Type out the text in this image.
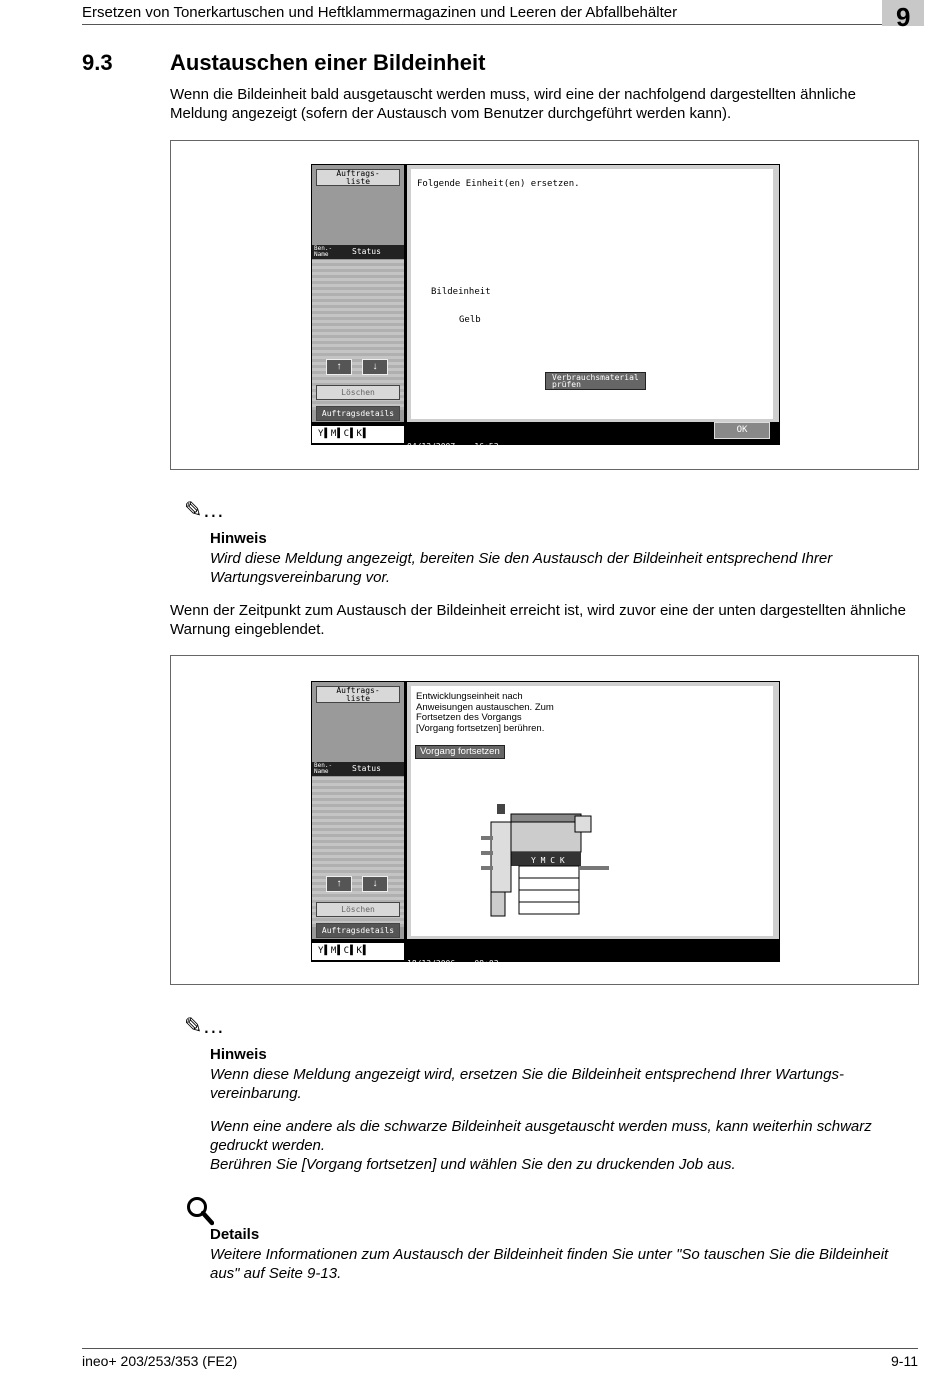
Ersetzen von Tonerkartuschen und Heftklammermagazinen und Leeren der Abfallbehälter	9
9.3	Austauschen einer Bildeinheit
Wenn die Bildeinheit bald ausgetauscht werden muss, wird eine der nachfolgend dargestellten ähnliche Meldung angezeigt (sofern der Austausch vom Benutzer durchgeführt werden kann).
Auftrags-
liste
Ben.-
Name	Status
↑	↓
Löschen
Auftragsdetails
Y▌M▌C▌K▌
Folgende Einheit(en) ersetzen.
Bildeinheit
Gelb
Verbrauchsmaterial
prüfen

04/13/2007    16:53

Speicher         0%

OK
✎…
Hinweis
Wird diese Meldung angezeigt, bereiten Sie den Austausch der Bildeinheit entsprechend Ihrer Wartungsvereinbarung vor.
Wenn der Zeitpunkt zum Austausch der Bildeinheit erreicht ist, wird zuvor eine der unten dargestellten ähnliche Warnung eingeblendet.
Auftrags-
liste
Ben.-
Name	Status
↑	↓
Löschen
Auftragsdetails
Y▌M▌C▌K▌
Entwicklungseinheit nach
Anweisungen austauschen. Zum
Fortsetzen des Vorgangs
[Vorgang fortsetzen] berühren.
Vorgang fortsetzen
Y M C K

18/12/2006    09:03

Speicher         0%

✎…
Hinweis
Wenn diese Meldung angezeigt wird, ersetzen Sie die Bildeinheit entsprechend Ihrer Wartungs-
vereinbarung.
Wenn eine andere als die schwarze Bildeinheit ausgetauscht werden muss, kann weiterhin schwarz gedruckt werden.
Berühren Sie [Vorgang fortsetzen] und wählen Sie den zu druckenden Job aus.
Details
Weitere Informationen zum Austausch der Bildeinheit finden Sie unter "So tauschen Sie die Bildeinheit aus" auf Seite 9-13.
ineo+ 203/253/353 (FE2)	9-11
